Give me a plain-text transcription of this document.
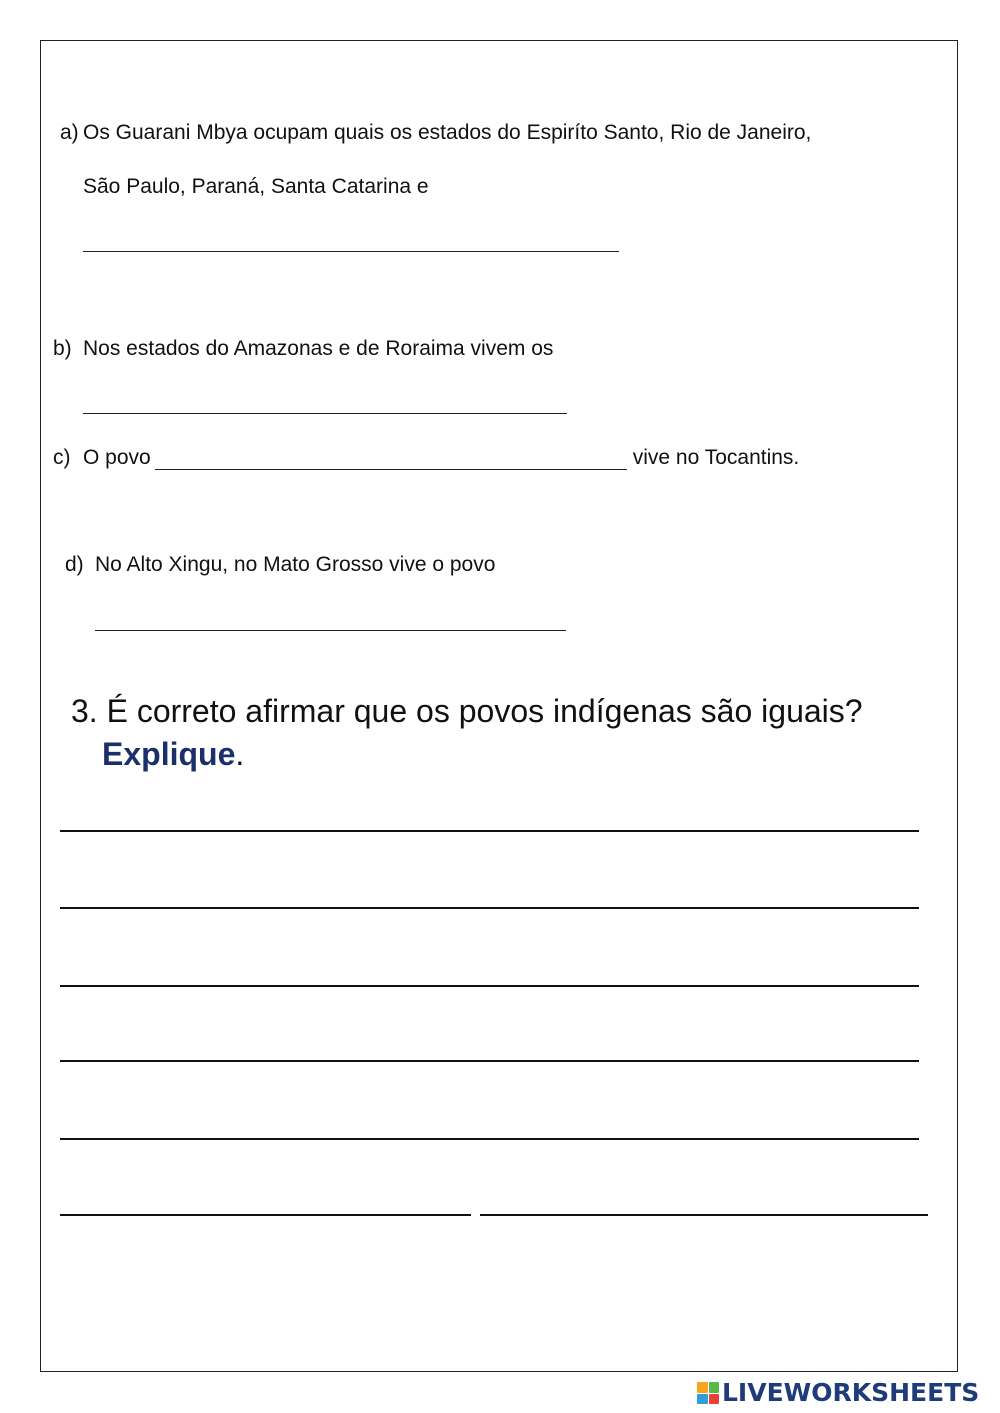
a) Os Guarani Mbya ocupam quais os estados do Espiríto Santo, Rio de Janeiro,
São Paulo, Paraná, Santa Catarina e
b) Nos estados do Amazonas e de Roraima vivem os
c) O povo	vive no Tocantins.
d) No Alto Xingu, no Mato Grosso vive o povo
3. É correto afirmar que os povos indígenas são iguais?
Explique.
LIVEWORKSHEETS
